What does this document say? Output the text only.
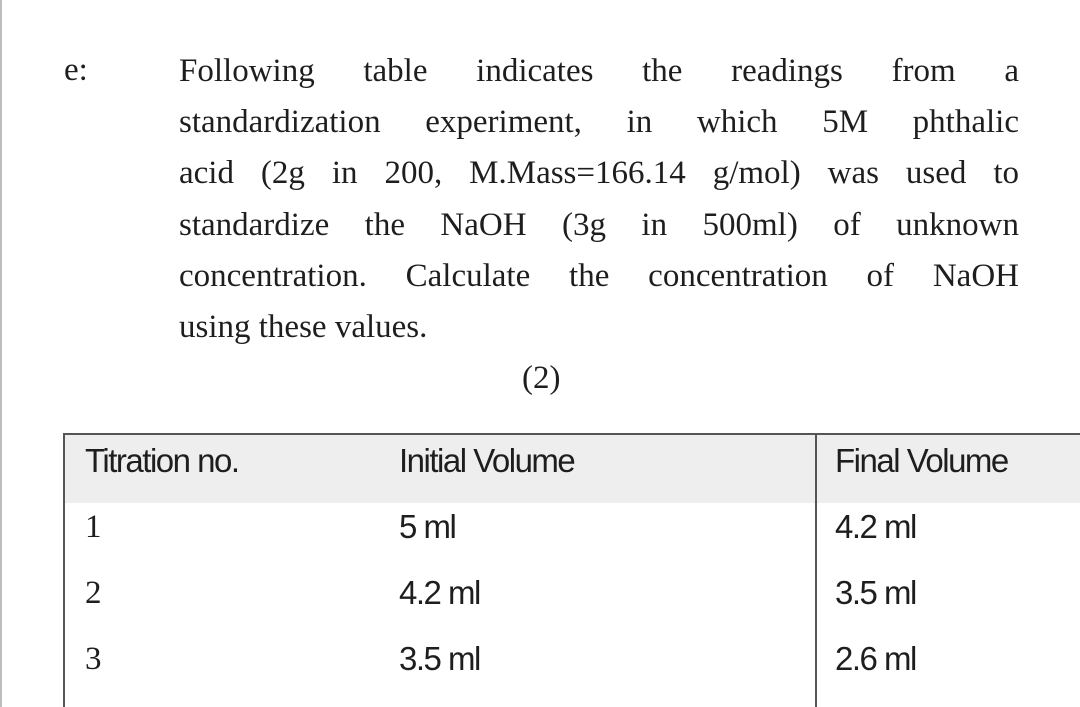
e:	Following table indicates the readings from a
standardization experiment, in which 5M phthalic
acid (2g in 200, M.Mass=166.14 g/mol) was used to
standardize the NaOH (3g in 500ml) of unknown
concentration. Calculate the concentration of NaOH
using these values.
(2)
Titration no.	Initial Volume	Final Volume
1	5 ml	4.2 ml
2	4.2 ml	3.5 ml
3	3.5 ml	2.6 ml
